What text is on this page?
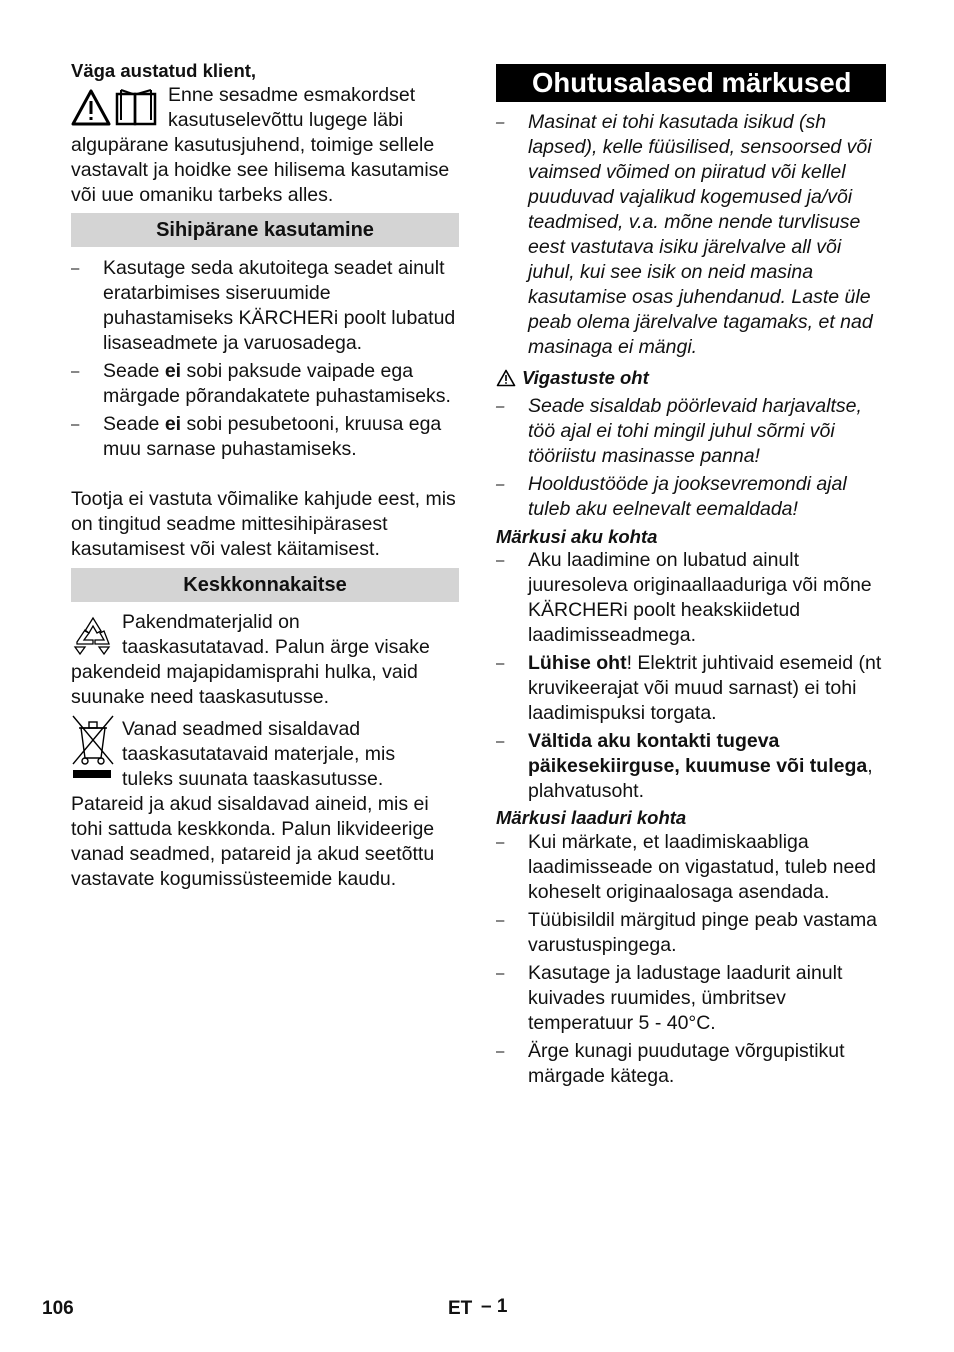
Väga austatud klient,

Enne sesadme esmakordset

kasutuselevõttu lugege läbi

algupärane kasutusjuhend, toimige sellele vastavalt ja hoidke see hilisema kasutamise või uue omaniku tarbeks alles.

Sihipärane kasutamine
– Kasutage seda akutoitega seadet ainult eratarbimises siseruumide puhastamiseks KÄRCHERi poolt lubatud lisaseadmete ja varuosadega.
– Seade ei sobi paksude vaipade ega märgade põrandakatete puhastamiseks.
– Seade ei sobi pesubetooni, kruusa ega muu sarnase puhastamiseks.

Tootja ei vastuta võimalike kahjude eest, mis on tingitud seadme mittesihipärasest kasutamisest või valest käitamisest.

Keskkonnakaitse

Pakendmaterjalid on

taaskasutatavad. Palun ärge visake

pakendeid majapidamisprahi hulka, vaid suunake need taaskasutusse.

Vanad seadmed sisaldavad

taaskasutatavaid materjale, mis

tuleks suunata taaskasutusse.

Patareid ja akud sisaldavad aineid, mis ei tohi sattuda keskkonda. Palun likvideerige vanad seadmed, patareid ja akud seetõttu vastavate kogumissüsteemide kaudu.

Ohutusalased märkused
– Masinat ei tohi kasutada isikud (sh lapsed), kelle füüsilised, sensoorsed või vaimsed võimed on piiratud või kellel puuduvad vajalikud kogemused ja/või teadmised, v.a. mõne nende turvlisuse eest vastutava isiku järelvalve all või juhul, kui see isik on neid masina kasutamise osas juhendanud. Laste üle peab olema järelvalve tagamaks, et nad masinaga ei mängi.

Vigastuste oht

– Seade sisaldab pöörlevaid harjavaltse, töö ajal ei tohi mingil juhul sõrmi või tööriistu masinasse panna!
– Hooldustööde ja jooksevremondi ajal tuleb aku eelnevalt eemaldada!

Märkusi aku kohta

– Aku laadimine on lubatud ainult juuresoleva originaallaaduriga või mõne KÄRCHERi poolt heakskiidetud laadimisseadmega.
– Lühise oht! Elektrit juhtivaid esemeid (nt kruvikeerajat või muud sarnast) ei tohi laadimispuksi torgata.
– Vältida aku kontakti tugeva päikesekiirguse, kuumuse või tulega, plahvatusoht.

Märkusi laaduri kohta

– Kui märkate, et laadimiskaabliga laadimisseade on vigastatud, tuleb need koheselt originaalosaga asendada.
– Tüübisildil märgitud pinge peab vastama varustuspingega.
– Kasutage ja ladustage laadurit ainult kuivades ruumides, ümbritsev temperatuur 5 - 40°C.
– Ärge kunagi puudutage võrgupistikut märgade kätega.
106	ET – 1
